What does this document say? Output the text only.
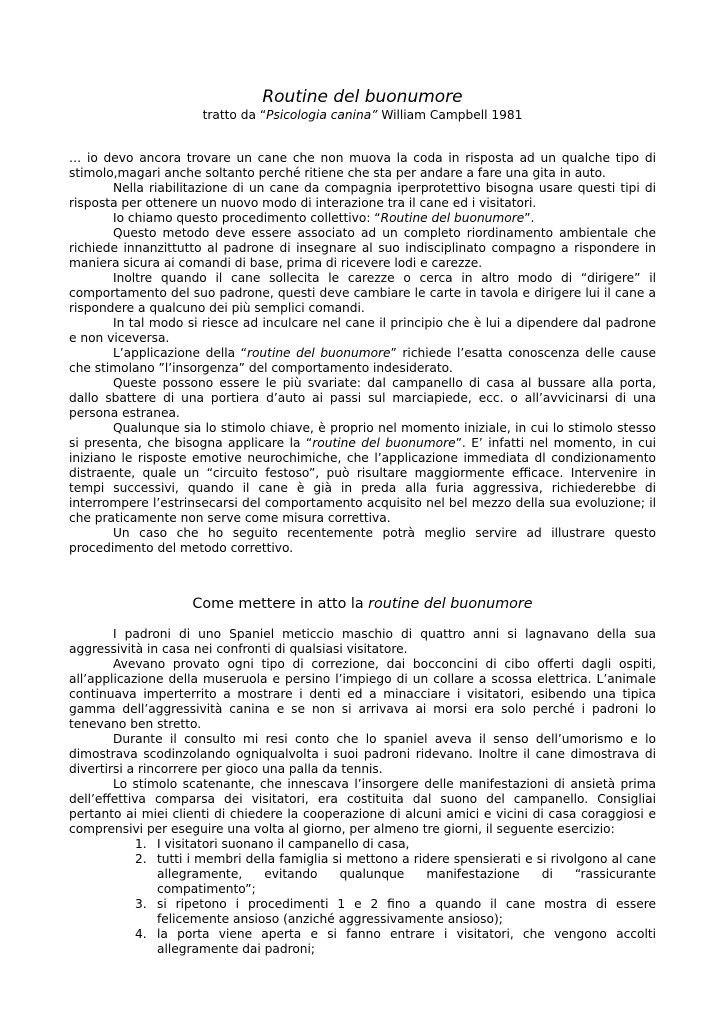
Routine del buonumore

tratto da “Psicologia canina” William Campbell 1981

… io devo ancora trovare un cane che non muova la coda in risposta ad un qualche tipo di stimolo,magari anche soltanto perché ritiene che sta per andare a fare una gita in auto.

Nella riabilitazione di un cane da compagnia iperprotettivo bisogna usare questi tipi di risposta per ottenere un nuovo modo di interazione tra il cane ed i visitatori.

Io chiamo questo procedimento collettivo: “Routine del buonumore”.

Questo metodo deve essere associato ad un completo riordinamento ambientale che richiede innanzittutto al padrone di insegnare al suo indisciplinato compagno a rispondere in maniera sicura ai comandi di base, prima di ricevere lodi e carezze.

Inoltre quando il cane sollecita le carezze o cerca in altro modo di “dirigere” il comportamento del suo padrone, questi deve cambiare le carte in tavola e dirigere lui il cane a rispondere a qualcuno dei più semplici comandi.

In tal modo si riesce ad inculcare nel cane il principio che è lui a dipendere dal padrone e non viceversa.

L’applicazione della “routine del buonumore” richiede l’esatta conoscenza delle cause che stimolano ”l’insorgenza” del comportamento indesiderato.

Queste possono essere le più svariate: dal campanello di casa al bussare alla porta, dallo sbattere di una portiera d’auto ai passi sul marciapiede, ecc. o all’avvicinarsi di una persona estranea.

Qualunque sia lo stimolo chiave, è proprio nel momento iniziale, in cui lo stimolo stesso si presenta, che bisogna applicare la “routine del buonumore”. E’ infatti nel momento, in cui iniziano le risposte emotive neurochimiche, che l’applicazione immediata dl condizionamento distraente, quale un “circuito festoso”, può risultare maggiormente efficace. Intervenire in tempi successivi, quando il cane è già in preda alla furia aggressiva, richiederebbe di interrompere l’estrinsecarsi del comportamento acquisito nel bel mezzo della sua evoluzione; il che praticamente non serve come misura correttiva.

Un caso che ho seguito recentemente potrà meglio servire ad illustrare questo procedimento del metodo correttivo.

Come mettere in atto la routine del buonumore

I padroni di uno Spaniel meticcio maschio di quattro anni si lagnavano della sua aggressività in casa nei confronti di qualsiasi visitatore.

Avevano provato ogni tipo di correzione, dai bocconcini di cibo offerti dagli ospiti, all’applicazione della museruola e persino l’impiego di un collare a scossa elettrica. L’animale continuava imperterrito a mostrare i denti ed a minacciare i visitatori, esibendo una tipica gamma dell’aggressività canina e se non si arrivava ai morsi era solo perché i padroni lo tenevano ben stretto.

Durante il consulto mi resi conto che lo spaniel aveva il senso dell’umorismo e lo dimostrava scodinzolando ogniqualvolta i suoi padroni ridevano. Inoltre il cane dimostrava di divertirsi a rincorrere per gioco una palla da tennis.

Lo stimolo scatenante, che innescava l’insorgere delle manifestazioni di ansietà prima dell’effettiva comparsa dei visitatori, era costituita dal suono del campanello. Consigliai pertanto ai miei clienti di chiedere la cooperazione di alcuni amici e vicini di casa coraggiosi e comprensivi per eseguire una volta al giorno, per almeno tre giorni, il seguente esercizio:

1. I visitatori suonano il campanello di casa,
2. tutti i membri della famiglia si mettono a ridere spensierati e si rivolgono al cane allegramente, evitando qualunque manifestazione di “rassicurante compatimento”;
3. si ripetono i procedimenti 1 e 2 fino a quando il cane mostra di essere felicemente ansioso (anziché aggressivamente ansioso);
4. la porta viene aperta e si fanno entrare i visitatori, che vengono accolti allegramente dai padroni;
